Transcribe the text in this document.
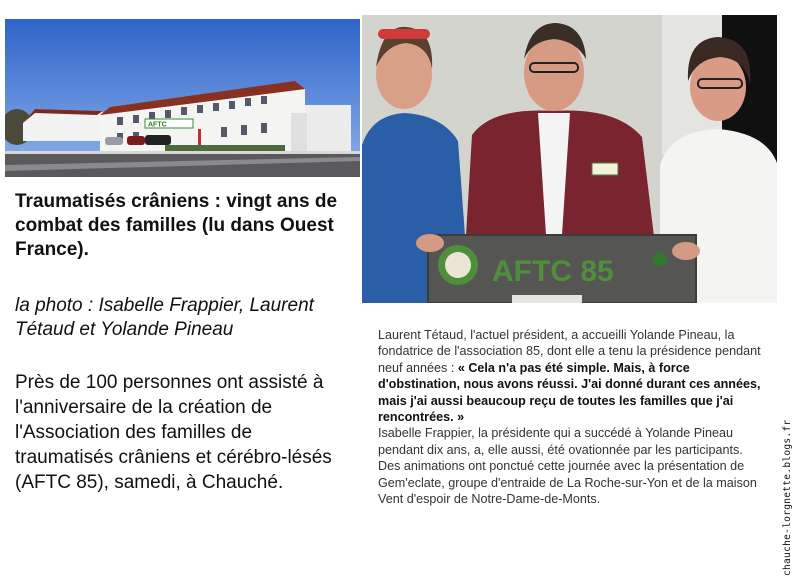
AFTC
AFTC 85
Traumatisés crâniens : vingt ans de combat des familles (lu dans Ouest France).
la photo : Isabelle Frappier, Laurent Tétaud et Yolande Pineau
Près de 100 personnes ont assisté à l'anniversaire de la création de l'Association des familles de traumatisés crâniens et cérébro-lésés (AFTC 85), samedi, à Chauché.

Laurent Tétaud, l'actuel président, a accueilli Yolande Pineau, la fondatrice de l'association 85, dont elle a tenu la présidence pendant neuf années : « Cela n'a pas été simple. Mais, à force d'obstination, nous avons réussi. J'ai donné durant ces années, mais j'ai aussi beaucoup reçu de toutes les familles que j'ai rencontrées. »

Isabelle Frappier, la présidente qui a succédé à Yolande Pineau pendant dix ans, a, elle aussi, été ovationnée par les participants.

Des animations ont ponctué cette journée avec la présentation de Gem'eclate, groupe d'entraide de La Roche-sur-Yon et de la maison Vent d'espoir de Notre-Dame-de-Monts.	chauche-lorgnette.blogs.fr
